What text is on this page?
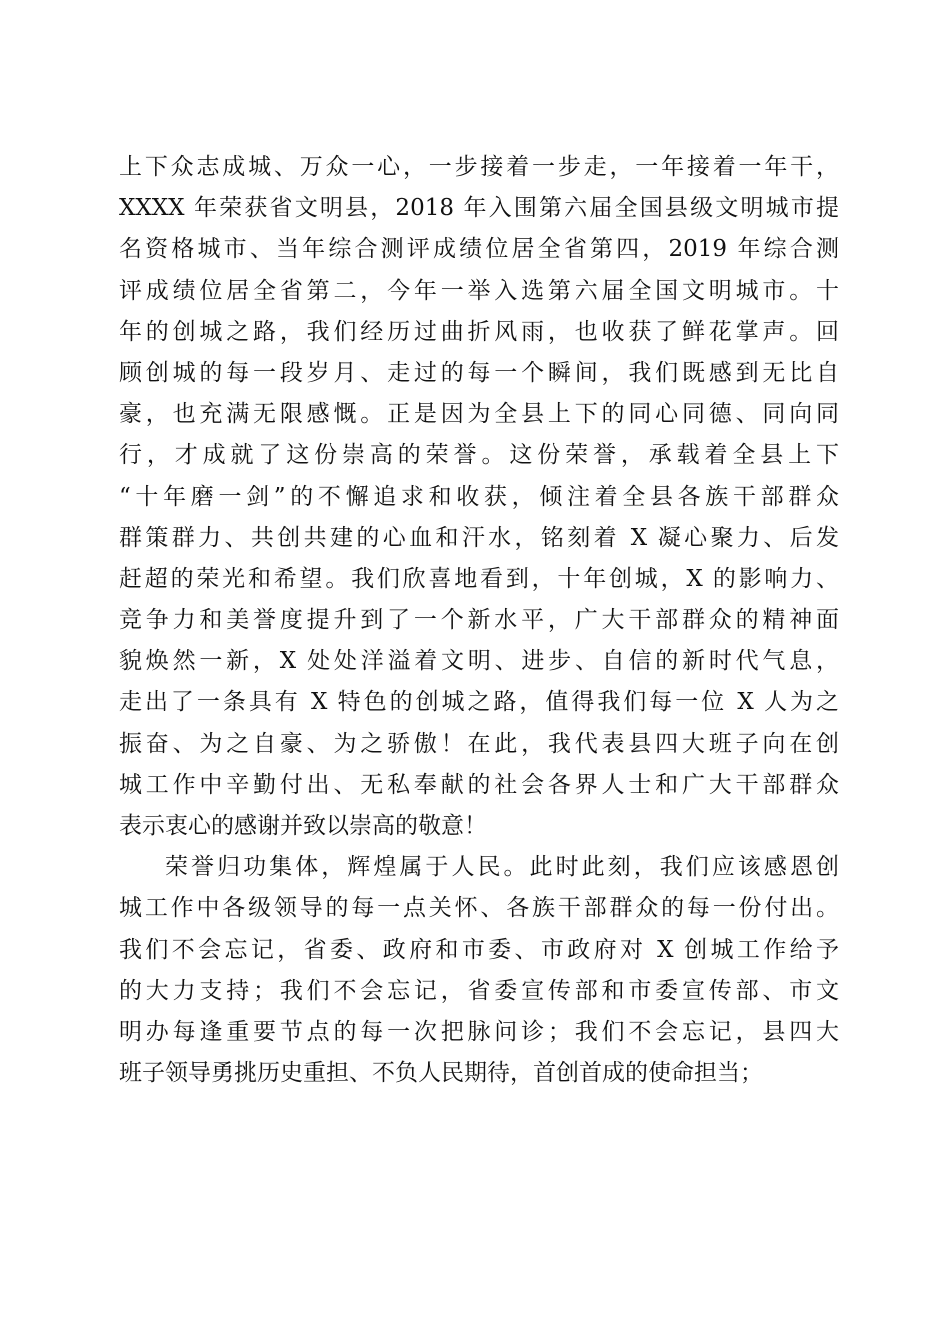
上下众志成城、万众一心，一步接着一步走，一年接着一年干，
XXXX 年荣获省文明县，2018 年入围第六届全国县级文明城市提
名资格城市、当年综合测评成绩位居全省第四，2019 年综合测
评成绩位居全省第二，今年一举入选第六届全国文明城市。十
年的创城之路，我们经历过曲折风雨，也收获了鲜花掌声。回
顾创城的每一段岁月、走过的每一个瞬间，我们既感到无比自
豪，也充满无限感慨。正是因为全县上下的同心同德、同向同
行，才成就了这份崇高的荣誉。这份荣誉，承载着全县上下
“十年磨一剑”的不懈追求和收获，倾注着全县各族干部群众
群策群力、共创共建的心血和汗水，铭刻着 X 凝心聚力、后发
赶超的荣光和希望。我们欣喜地看到，十年创城，X 的影响力、
竞争力和美誉度提升到了一个新水平，广大干部群众的精神面
貌焕然一新，X 处处洋溢着文明、进步、自信的新时代气息，
走出了一条具有 X 特色的创城之路，值得我们每一位 X 人为之
振奋、为之自豪、为之骄傲！在此，我代表县四大班子向在创
城工作中辛勤付出、无私奉献的社会各界人士和广大干部群众
表示衷心的感谢并致以崇高的敬意！
荣誉归功集体，辉煌属于人民。此时此刻，我们应该感恩创
城工作中各级领导的每一点关怀、各族干部群众的每一份付出。
我们不会忘记，省委、政府和市委、市政府对 X 创城工作给予
的大力支持；我们不会忘记，省委宣传部和市委宣传部、市文
明办每逢重要节点的每一次把脉问诊；我们不会忘记，县四大
班子领导勇挑历史重担、不负人民期待，首创首成的使命担当；
